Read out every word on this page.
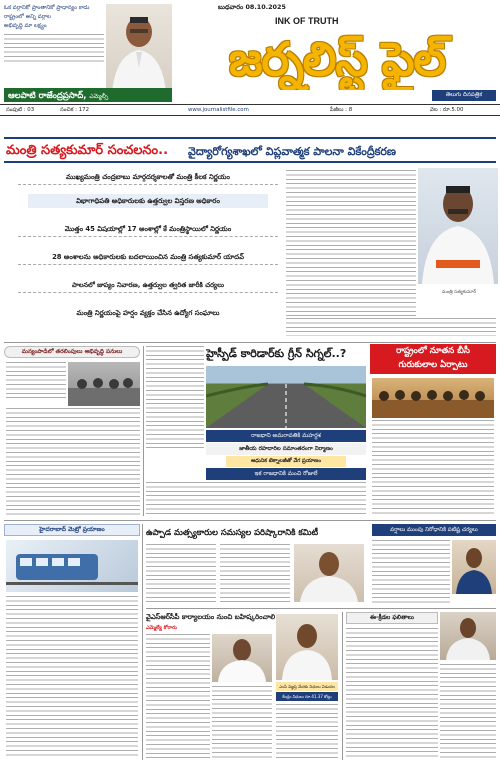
ఓక వర్గానికో ప్రాంతానికో ప్రాధాన్యం కాదు
రాష్ట్రంలో అన్ని వర్గాల
అభివృద్ధి మా లక్ష్యం
ఆలపాటి రాజేంద్రప్రసాద్, ఎమ్మెల్సీ
బుధవారం 08.10.2025
INK OF TRUTH
జర్నలిస్ట్ ఫైల్
తెలుగు దినపత్రిక
సంపుటి : 03	సంచిక : 172	www.journalistfile.com	పేజీలు : 8	వెల : రూ.5.00
మంత్రి సత్యకుమార్ సంచలనం.. వైద్యారోగ్యశాఖలో విప్లవాత్మక పాలనా వికేంద్రీకరణ
ముఖ్యమంత్రి చంద్రబాబు మార్గదర్శకాలతో మంత్రి కీలక నిర్ణయం
విభాగాధిపతి అధికారులకు ఉత్తర్వుల విస్తరణ అధికారం
మొత్తం 45 విషయాల్లో 17 అంశాల్లో కే మంత్రిస్థాయిలో నిర్ణయం
28 అంశాలను అధికారులకు బదలాయించిన మంత్రి సత్యకుమార్ యాదవ్
పాలనలో జాప్యం నివారణ, ఉత్తర్వుల త్వరిత జారీకి చర్యలు
మంత్రి నిర్ణయంపై హర్షం వ్యక్తం చేసిన ఉద్యోగ సంఘాలు
మంత్రి సత్యకుమార్
మన్యంపాడిలో తరలింపులు అభివృద్ధి పనులు	హైస్పీడ్ కారిడార్‌కు గ్రీన్ సిగ్నల్..?
రాజధాని అమరావతికి మహర్దశ
జాతీయ రహదారిల సమాంతరంగా నిర్మాణం
ఆధునిక టెక్నాలజీతో వేగ ప్రయాణం
ఇక రాజధానికి మంచి రోజులే
రాష్ట్రంలో నూతన బీసీ
గురుకులాల ఏర్పాటు
హైదరాబాద్ మెట్రో ప్రయాణం	ఉప్పాడ మత్స్యకారుల సమస్యల పరిష్కారానికి కమిటీ	వర్షాలు ముంపు నిరోధానికి పటిష్ట చర్యలు
వైఎస్ఆర్‌సీపీ కార్యాలయం నుంచి బహిష్కరించాలి
ఎమ్మెల్యే కోరారు
ఎంపీ విజ్ఞప్తి మేరకు నిధులు విడుదల
కేంద్రం నిధులు రూ.41.37 కోట్లు
ఈ-క్రీడల ఫలితాలు
